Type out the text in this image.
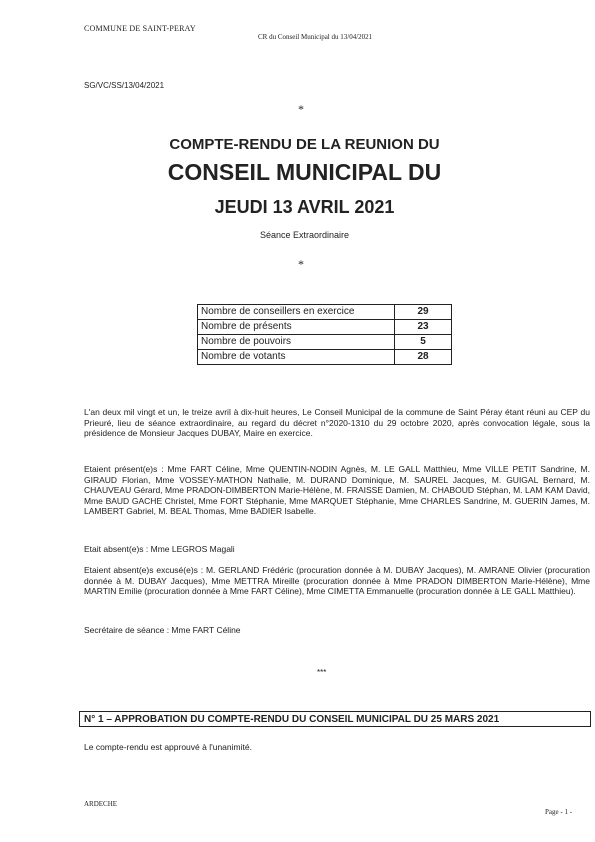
COMMUNE DE SAINT-PERAY
CR du Conseil Municipal du 13/04/2021
SG/VC/SS/13/04/2021
*
COMPTE-RENDU DE LA REUNION DU
CONSEIL MUNICIPAL DU
JEUDI 13 AVRIL 2021
Séance Extraordinaire
*
Nombre de conseillers en exercice	29
Nombre de présents	23
Nombre de pouvoirs	5
Nombre de votants	28
L'an deux mil vingt et un, le treize avril à dix-huit heures, Le Conseil Municipal de la commune de Saint Péray étant réuni au CEP du Prieuré, lieu de séance extraordinaire, au regard du décret n°2020-1310 du 29 octobre 2020, après convocation légale, sous la présidence de Monsieur Jacques DUBAY, Maire en exercice.
Etaient présent(e)s : Mme FART Céline, Mme QUENTIN-NODIN Agnès, M. LE GALL Matthieu, Mme VILLE PETIT Sandrine, M. GIRAUD Florian, Mme VOSSEY-MATHON Nathalie, M. DURAND Dominique, M. SAUREL Jacques, M. GUIGAL Bernard, M. CHAUVEAU Gérard, Mme PRADON-DIMBERTON Marie-Hélène, M. FRAISSE Damien, M. CHABOUD Stéphan, M. LAM KAM David, Mme BAUD GACHE Christel, Mme FORT Stéphanie, Mme MARQUET Stéphanie, Mme CHARLES Sandrine, M. GUERIN James, M. LAMBERT Gabriel, M. BEAL Thomas, Mme BADIER Isabelle.
Etait absent(e)s : Mme LEGROS Magali
Etaient absent(e)s excusé(e)s : M. GERLAND Frédéric (procuration donnée à M. DUBAY Jacques), M. AMRANE Olivier (procuration donnée à M. DUBAY Jacques), Mme METTRA Mireille (procuration donnée à Mme PRADON DIMBERTON Marie-Hélène), Mme MARTIN Emilie (procuration donnée à Mme FART Céline), Mme CIMETTA Emmanuelle (procuration donnée à LE GALL Matthieu).
Secrétaire de séance : Mme FART Céline
***
N° 1 – APPROBATION DU COMPTE-RENDU DU CONSEIL MUNICIPAL DU 25 MARS 2021
Le compte-rendu est approuvé à l'unanimité.
ARDECHE
Page - 1 -
